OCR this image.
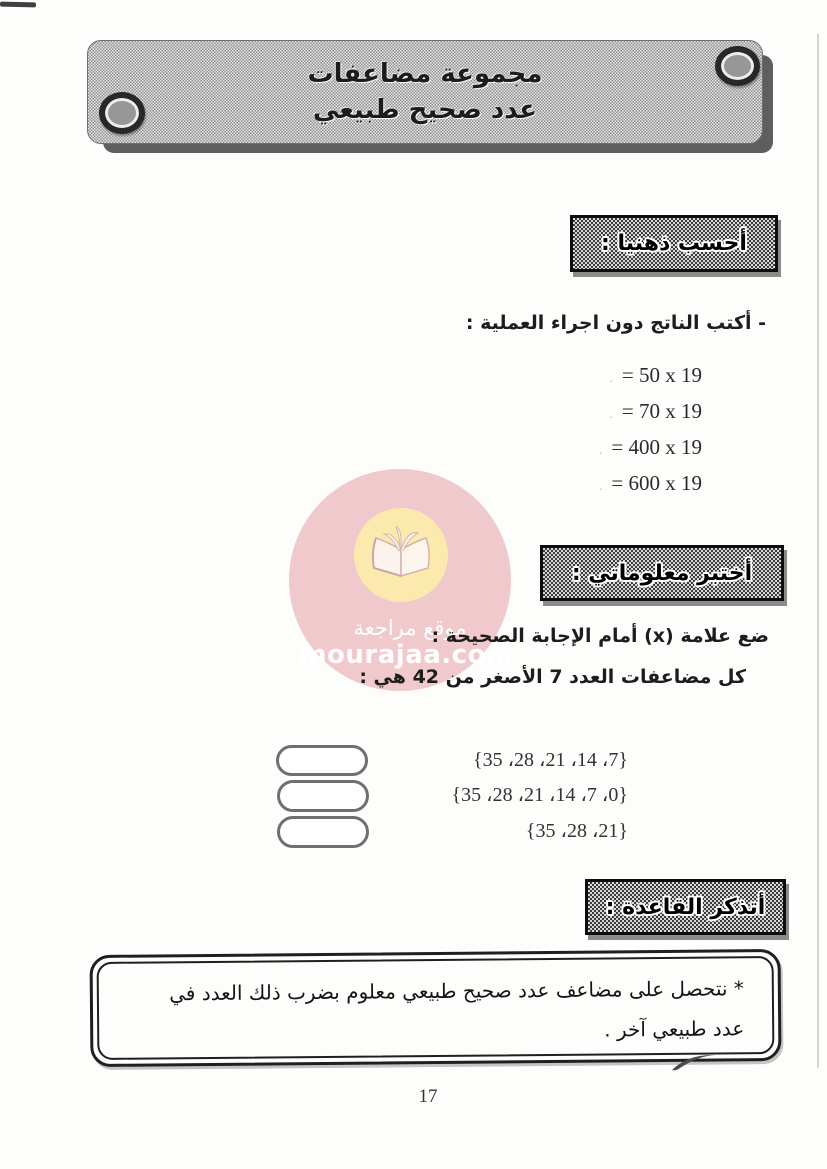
مجموعة مضاعفات
عدد صحيح طبيعي
أحسب ذهنيا :
- أكتب الناتج دون اجراء العملية :
. = 50 x 19
. = 70 x 19
. = 400 x 19
. = 600 x 19
موقع مراجعة
mourajaa.com
أختبر معلوماتي :
ضع علامة (x) أمام الإجابة الصحيحة :
كل مضاعفات العدد 7 الأصغر من 42 هي :
{35 ،28 ،21 ،14 ،7}
{35 ،28 ،21 ،14 ،7 ،0}
{35 ،28 ،21}
أتذكر القاعدة :
* نتحصل على مضاعف عدد صحيح طبيعي معلوم بضرب ذلك العدد في عدد طبيعي آخر .
17
